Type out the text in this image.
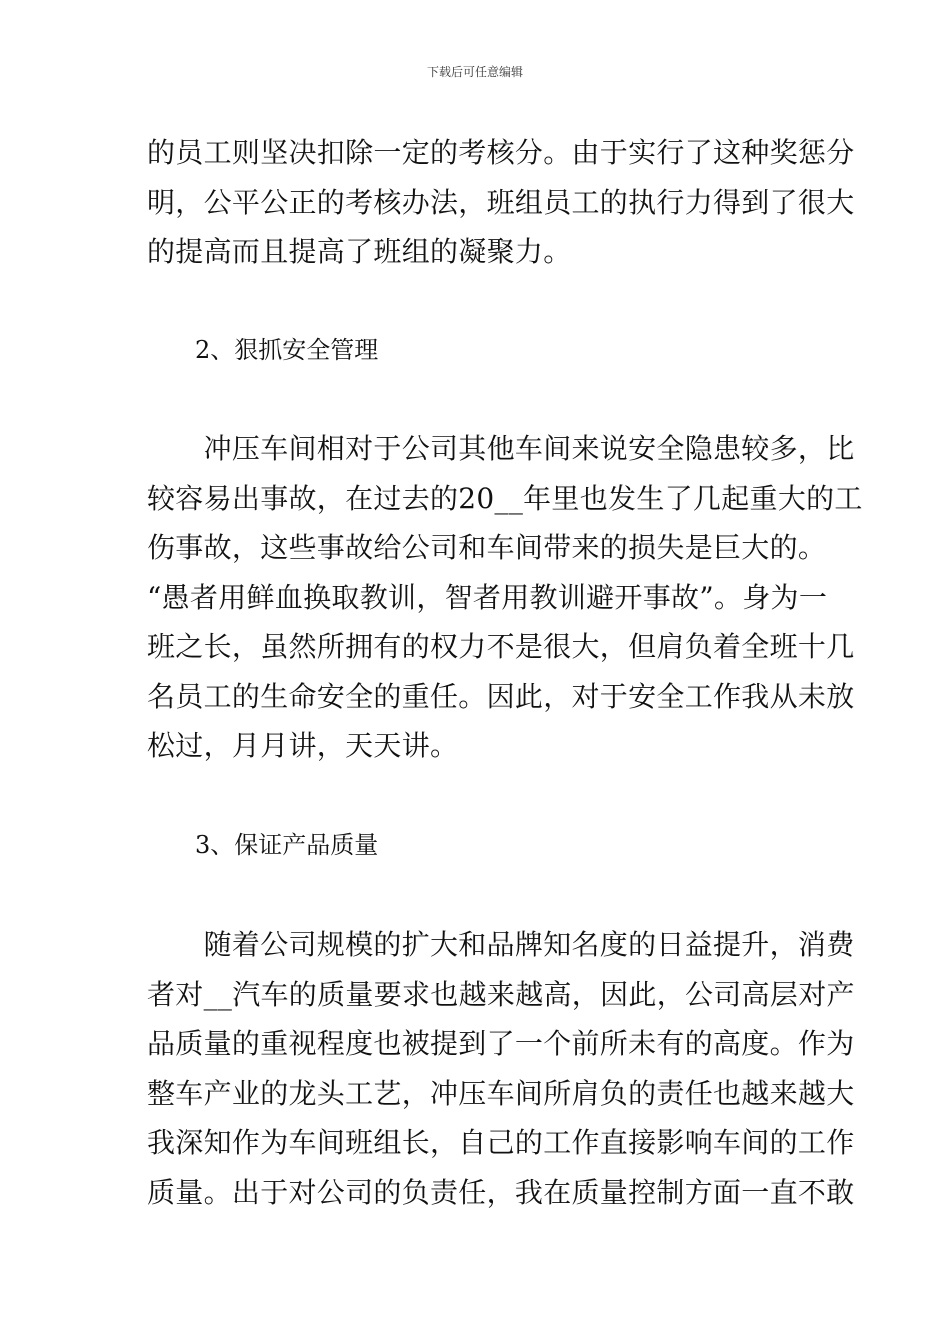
下载后可任意编辑
的员工则坚决扣除一定的考核分。由于实行了这种奖惩分
明，公平公正的考核办法，班组员工的执行力得到了很大
的提高而且提高了班组的凝聚力。
2、狠抓安全管理
　　冲压车间相对于公司其他车间来说安全隐患较多，比
较容易出事故，在过去的20__年里也发生了几起重大的工
伤事故，这些事故给公司和车间带来的损失是巨大的。
“愚者用鲜血换取教训，智者用教训避开事故”。身为一
班之长，虽然所拥有的权力不是很大，但肩负着全班十几
名员工的生命安全的重任。因此，对于安全工作我从未放
松过，月月讲，天天讲。
3、保证产品质量
　　随着公司规模的扩大和品牌知名度的日益提升，消费
者对__汽车的质量要求也越来越高，因此，公司高层对产
品质量的重视程度也被提到了一个前所未有的高度。作为
整车产业的龙头工艺，冲压车间所肩负的责任也越来越大
我深知作为车间班组长，自己的工作直接影响车间的工作
质量。出于对公司的负责任，我在质量控制方面一直不敢
